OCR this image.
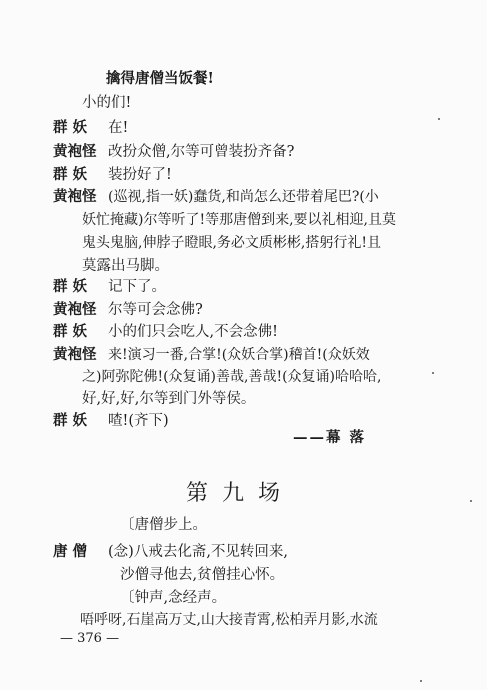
擒得唐僧当饭餐!
小的们!
群 妖 在!
黄袍怪 改扮众僧,尔等可曾装扮齐备?
群 妖 装扮好了!
黄袍怪 (巡视,指一妖)蠢货,和尚怎么还带着尾巴?(小
妖忙掩藏)尔等听了!等那唐僧到来,要以礼相迎,且莫
鬼头鬼脑,伸脖子瞪眼,务必文质彬彬,搭躬行礼!且
莫露出马脚。
群 妖 记下了。
黄袍怪 尔等可会念佛?
群 妖 小的们只会吃人,不会念佛!
黄袍怪 来!演习一番,合掌!(众妖合掌)稽首!(众妖效
之)阿弥陀佛!(众复诵)善哉,善哉!(众复诵)哈哈哈,
好,好,好,尔等到门外等侯。
群 妖 喳!(齐下)
——幕 落
第九场
〔唐僧步上。
唐 僧 (念)八戒去化斋,不见转回来,
沙僧寻他去,贫僧挂心怀。
〔钟声,念经声。
唔呼呀,石崖高万丈,山大接青霄,松柏弄月影,水流
— 376 —
